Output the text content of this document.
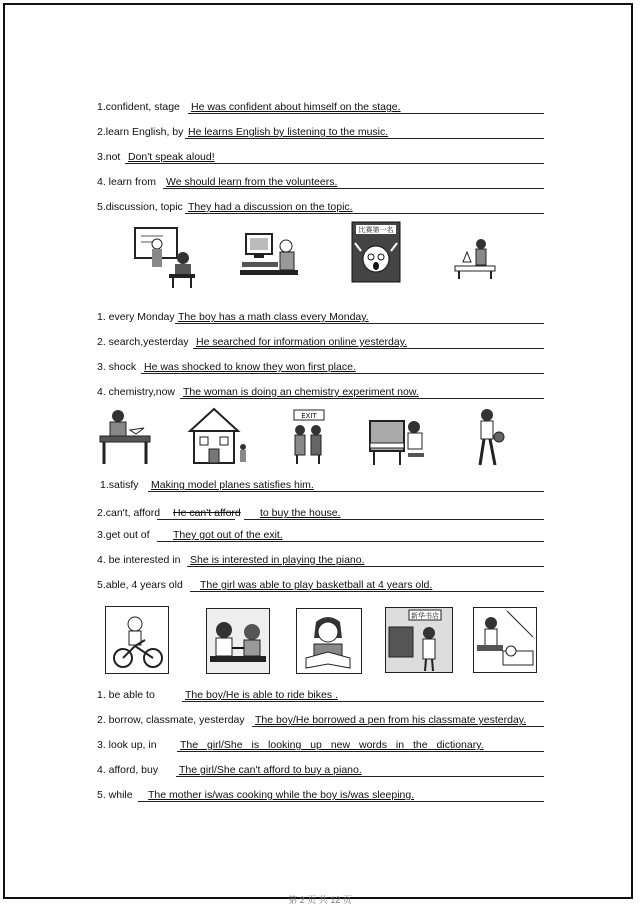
1.confident, stage He was confident about himself on the stage.
2.learn English, by He learns English by listening to the music.
3.not Don't speak aloud!
4. learn from We should learn from the volunteers.
5.discussion, topic They had a discussion on the topic.
比赛第一名
1. every Monday The boy has a math class every Monday.
2. search,yesterday He searched for information online yesterday.
3. shock He was shocked to know they won first place.
4. chemistry,now The woman is doing an chemistry experiment now.
EXIT
1.satisfy Making model planes satisfies him.
2.can't, afford He can't afford to buy the house.
3.get out of They got out of the exit.
4. be interested in She is interested in playing the piano.
5.able, 4 years old The girl was able to play basketball at 4 years old.
新华书店
1. be able to	The boy/He is able to ride bikes .
2. borrow, classmate, yesterday The boy/He borrowed a pen from his classmate yesterday.
3. look up, in The girl/She is looking up new words in the dictionary.
4. afford, buy The girl/She can't afford to buy a piano.
5. while The mother is/was cooking while the boy is/was sleeping.
第 2 页 共 12 页
